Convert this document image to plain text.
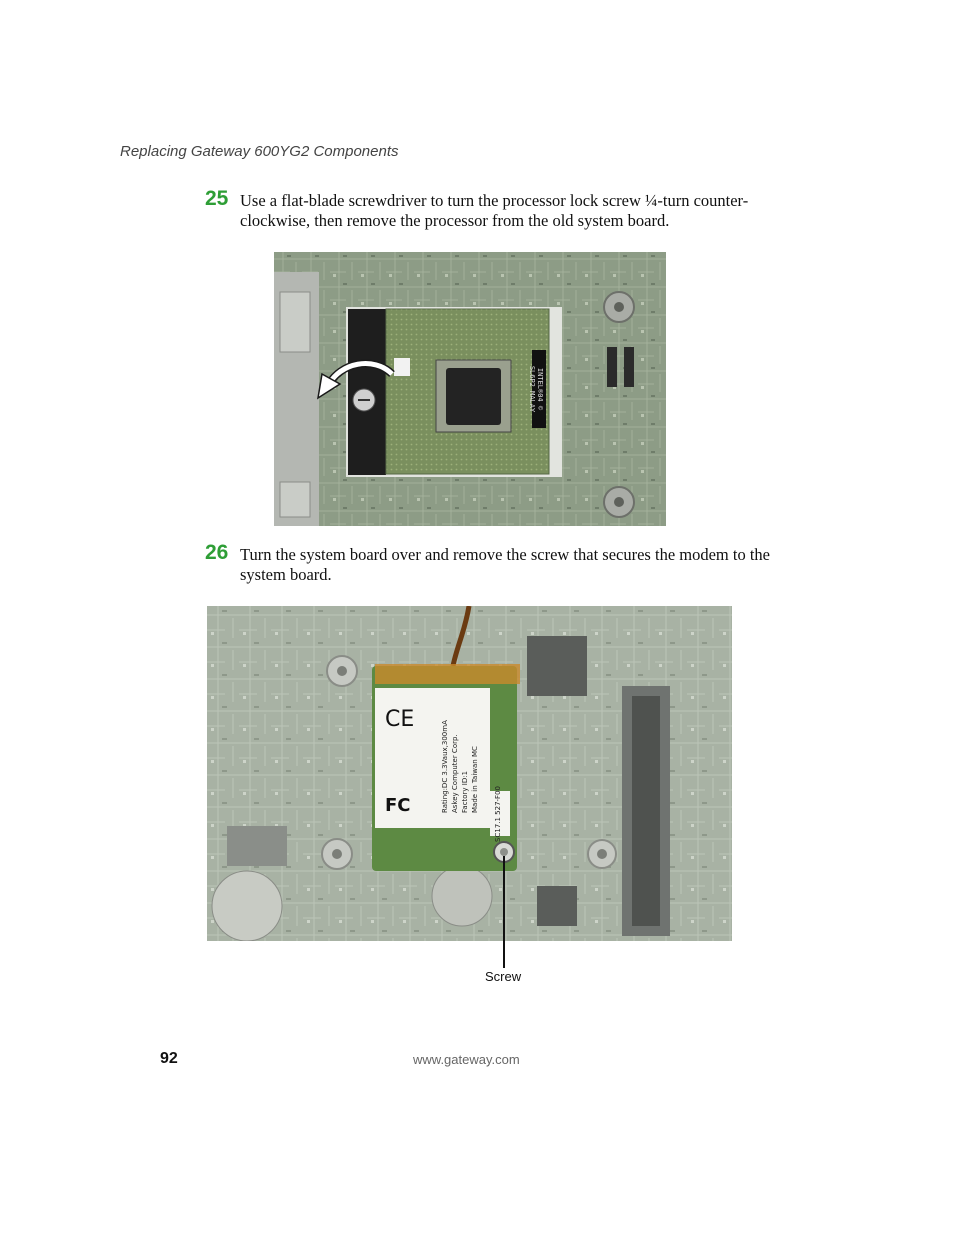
Replacing Gateway 600YG2 Components
25 Use a flat-blade screwdriver to turn the processor lock screw ¼-turn counter-clockwise, then remove the processor from the old system board.
INTEL®04 ©
SL6P2 MALAY
26 Turn the system board over and remove the screw that secures the modem to the system board.
CE
FC	Rating:DC 3.3Vaux,300mA Askey Computer Corp. Factory ID:1 Made in Taiwan MC
SC17.1 527-F00
Screw
92	www.gateway.com
